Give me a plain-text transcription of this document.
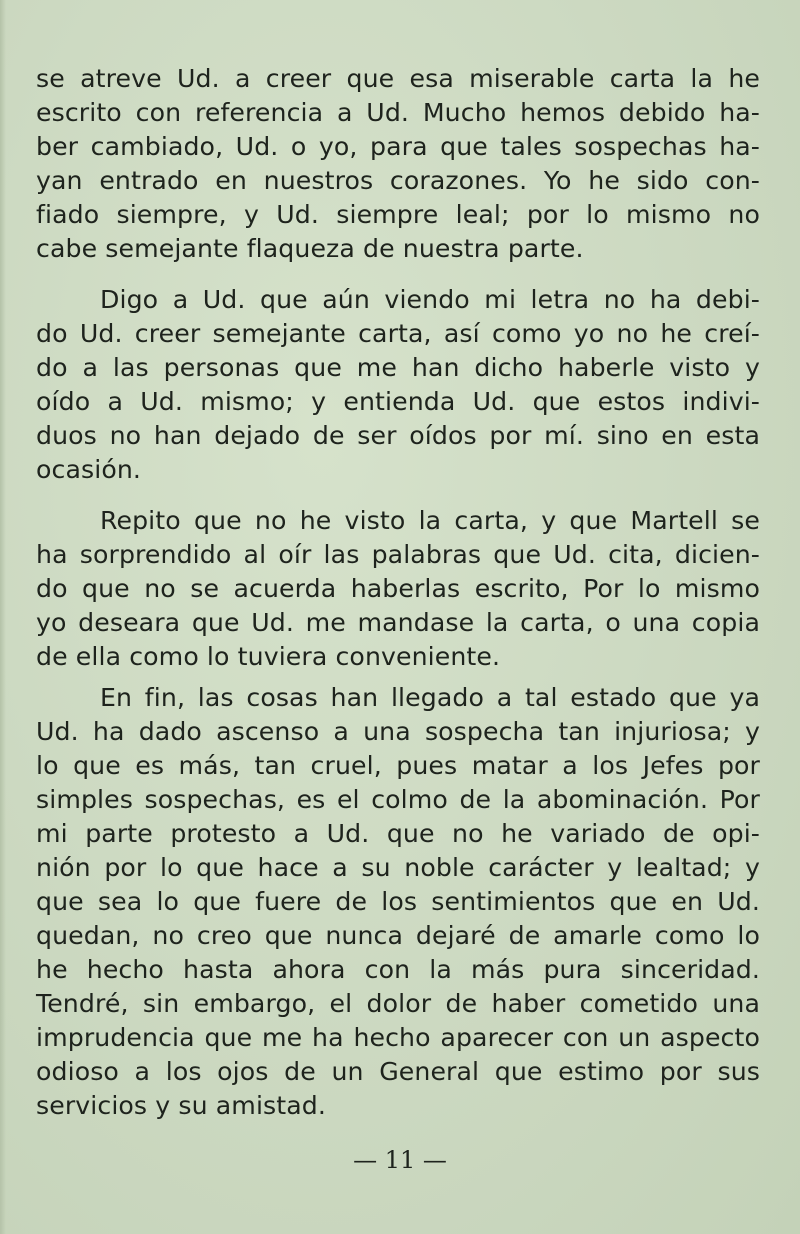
se atreve Ud. a creer que esa miserable carta la he
escrito con referencia a Ud. Mucho hemos debido ha-
ber cambiado, Ud. o yo, para que tales sospechas ha-
yan entrado en nuestros corazones. Yo he sido con-
fiado siempre, y Ud. siempre leal; por lo mismo no
cabe semejante flaqueza de nuestra parte.
Digo a Ud. que aún viendo mi letra no ha debi-
do Ud. creer semejante carta, así como yo no he creí-
do a las personas que me han dicho haberle visto y
oído a Ud. mismo; y entienda Ud. que estos indivi-
duos no han dejado de ser oídos por mí. sino en esta
ocasión.
Repito que no he visto la carta, y que Martell se
ha sorprendido al oír las palabras que Ud. cita, dicien-
do que no se acuerda haberlas escrito, Por lo mismo
yo deseara que Ud. me mandase la carta, o una copia
de ella como lo tuviera conveniente.
En fin, las cosas han llegado a tal estado que ya
Ud. ha dado ascenso a una sospecha tan injuriosa; y
lo que es más, tan cruel, pues matar a los Jefes por
simples sospechas, es el colmo de la abominación. Por
mi parte protesto a Ud. que no he variado de opi-
nión por lo que hace a su noble carácter y lealtad; y
que sea lo que fuere de los sentimientos que en Ud.
quedan, no creo que nunca dejaré de amarle como lo
he hecho hasta ahora con la más pura sinceridad.
Tendré, sin embargo, el dolor de haber cometido una
imprudencia que me ha hecho aparecer con un aspecto
odioso a los ojos de un General que estimo por sus
servicios y su amistad.
— 11 —
